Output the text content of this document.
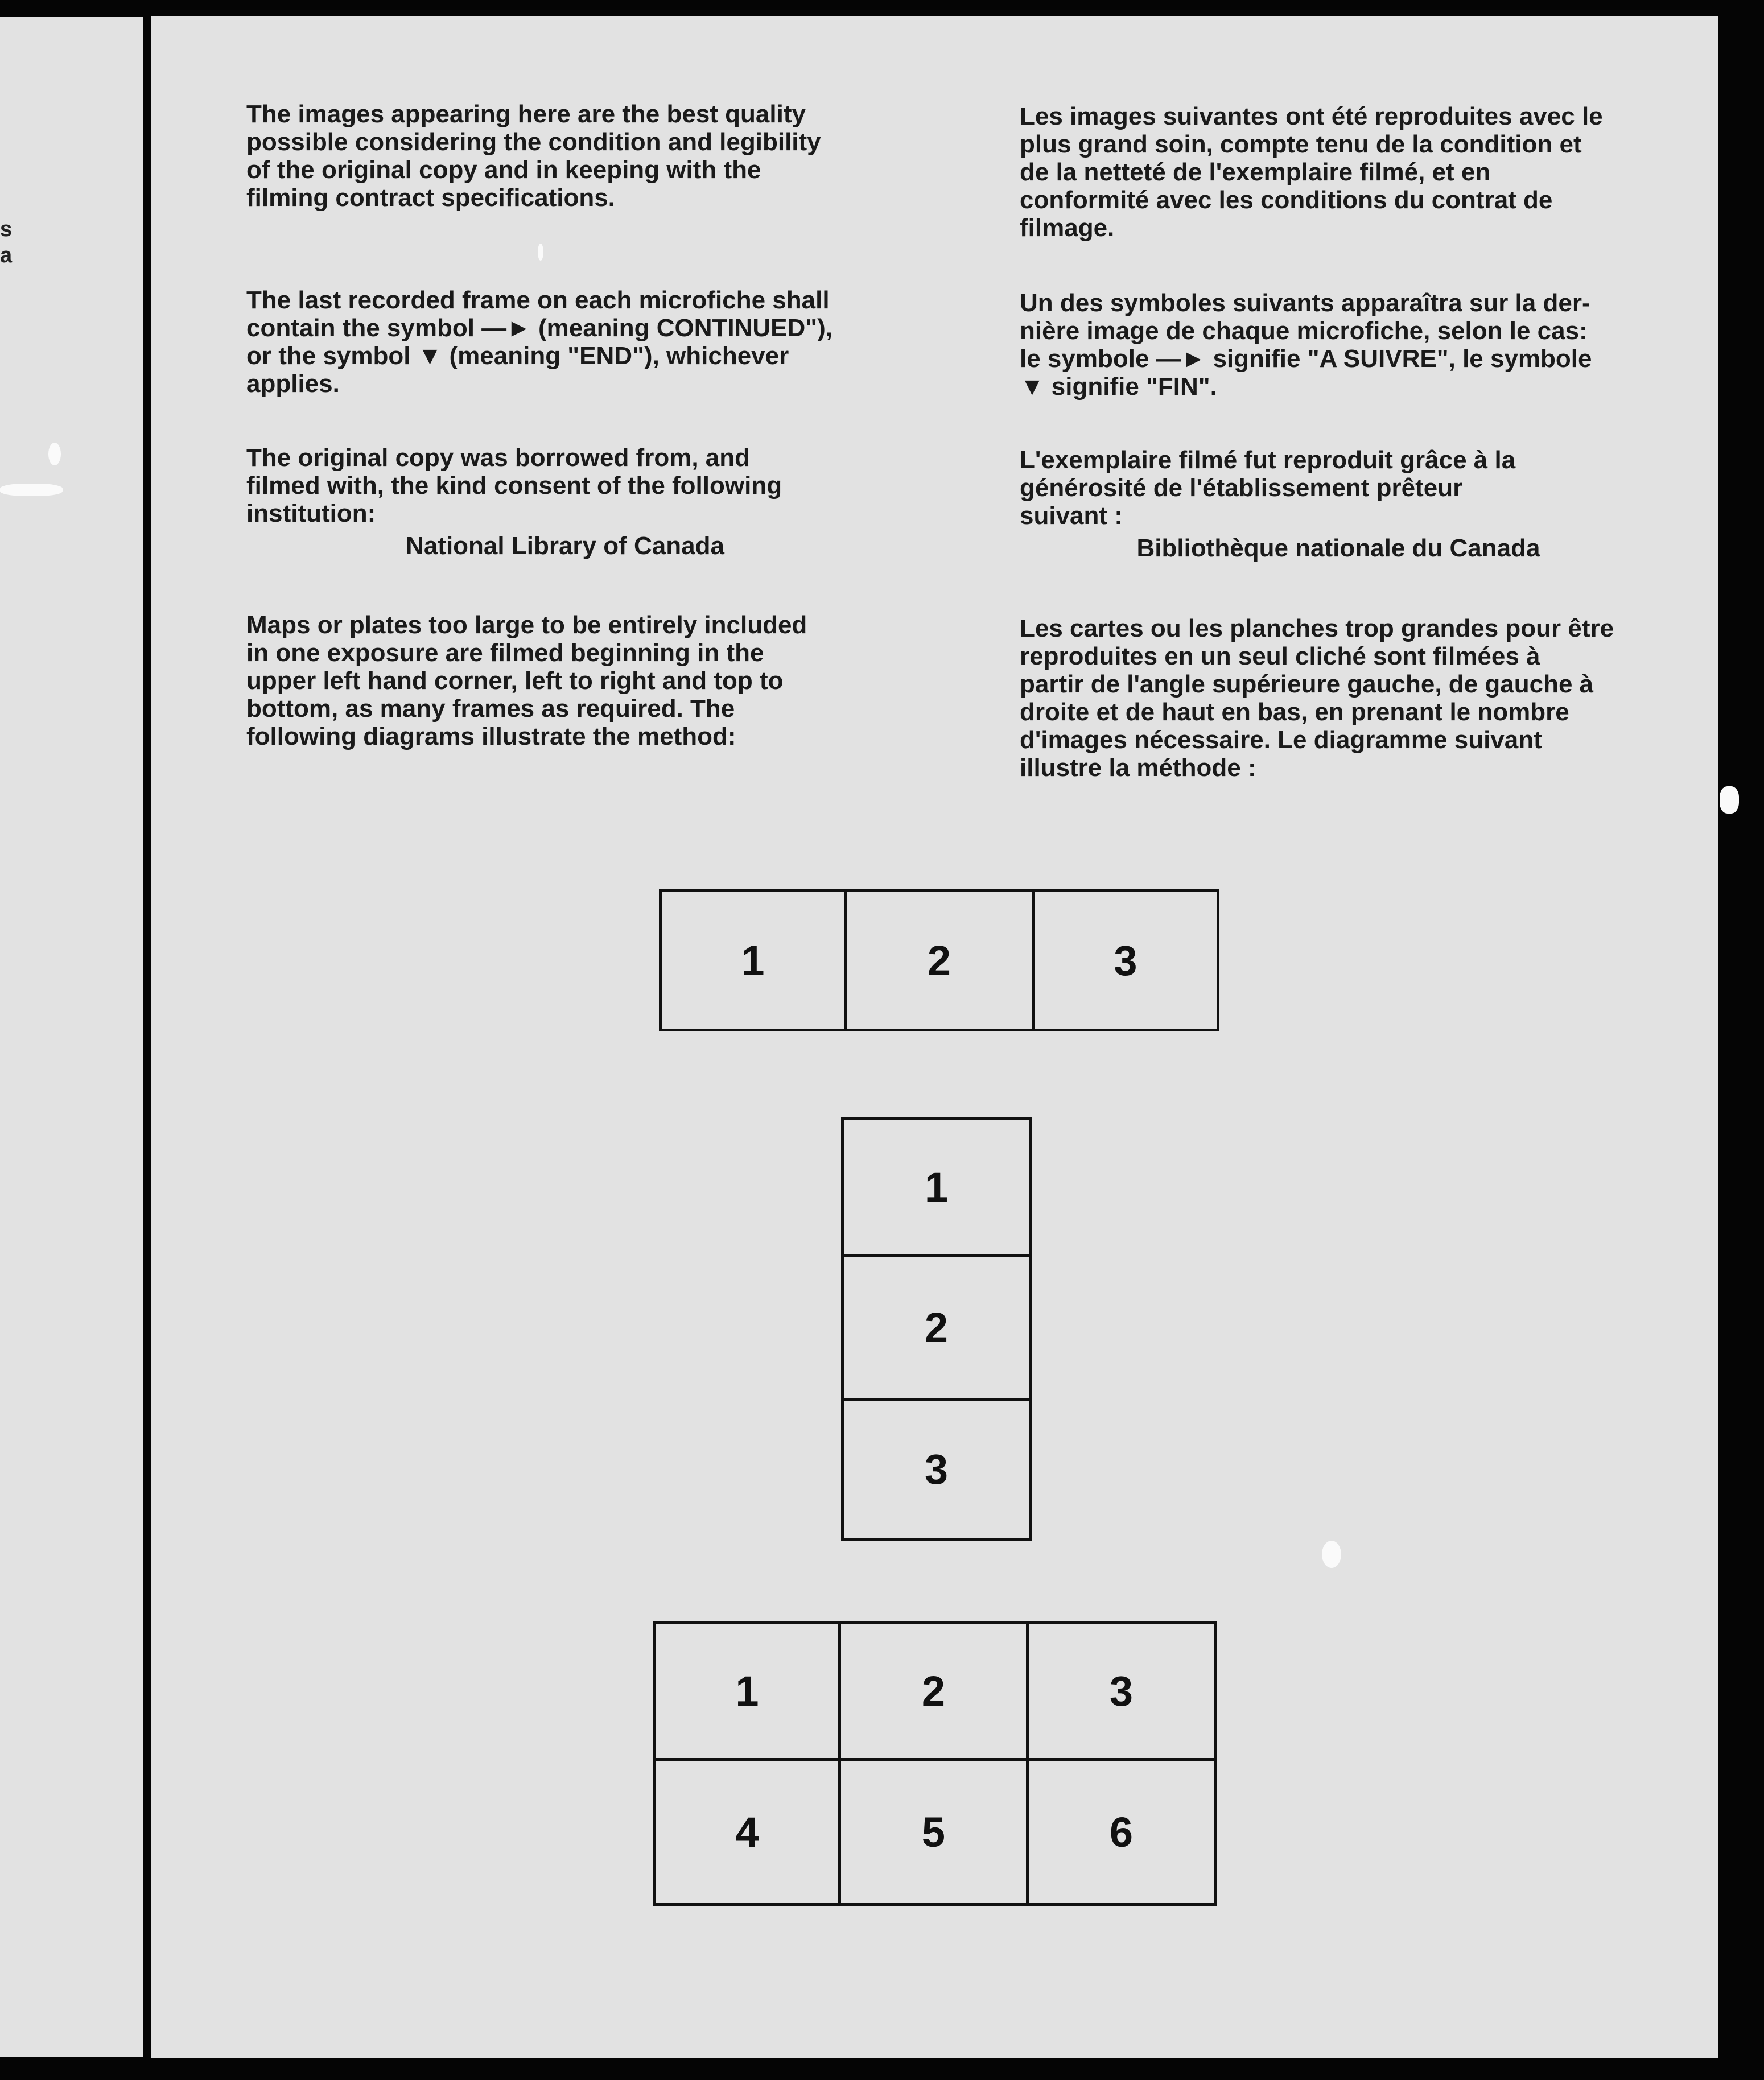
s
a
The images appearing here are the best quality
possible considering the condition and legibility
of the original copy and in keeping with the
filming contract specifications.
The last recorded frame on each microfiche shall
contain the symbol —► (meaning CONTINUED"),
or the symbol ▼ (meaning "END"), whichever
applies.
The original copy was borrowed from, and
filmed with, the kind consent of the following
institution:
National Library of Canada
Maps or plates too large to be entirely included
in one exposure are filmed beginning in the
upper left hand corner, left to right and top to
bottom, as many frames as required. The
following diagrams illustrate the method:
Les images suivantes ont été reproduites avec le
plus grand soin, compte tenu de la condition et
de la netteté de l'exemplaire filmé, et en
conformité avec les conditions du contrat de
filmage.
Un des symboles suivants apparaîtra sur la der-
nière image de chaque microfiche, selon le cas:
le symbole —► signifie "A SUIVRE", le symbole
▼ signifie "FIN".
L'exemplaire filmé fut reproduit grâce à la
générosité de l'établissement prêteur
suivant :
Bibliothèque nationale du Canada
Les cartes ou les planches trop grandes pour être
reproduites en un seul cliché sont filmées à
partir de l'angle supérieure gauche, de gauche à
droite et de haut en bas, en prenant le nombre
d'images nécessaire. Le diagramme suivant
illustre la méthode :
1	2	3
1
2
3
1	2	3
4	5	6
